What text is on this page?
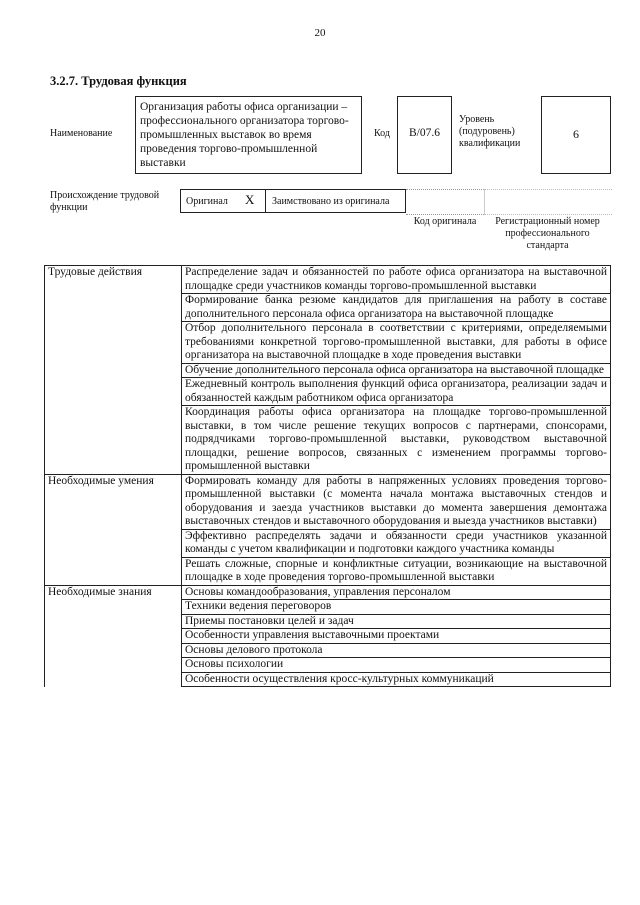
20
3.2.7. Трудовая функция
Наименование
Организация работы офиса организации – профессионального организатора торгово-промышленных выставок во время проведения торгово-промышленной выставки
Код	B/07.6
Уровень (подуровень) квалификации
6
Происхождение трудовой функции
Оригинал X Заимствовано из оригинала
Код оригинала	Регистрационный номер профессионального стандарта
Трудовые действия	Распределение задач и обязанностей по работе офиса организатора на выставочной площадке среди участников команды торгово-промышленной выставки
	Формирование банка резюме кандидатов для приглашения на работу в составе дополнительного персонала офиса организатора на выставочной площадке
	Отбор дополнительного персонала в соответствии с критериями, определяемыми требованиями конкретной торгово-промышленной выставки, для работы в офисе организатора на выставочной площадке в ходе проведения выставки
	Обучение дополнительного персонала офиса организатора на выставочной площадке
	Ежедневный контроль выполнения функций офиса организатора, реализации задач и обязанностей каждым работником офиса организатора
	Координация работы офиса организатора на площадке торгово-промышленной выставки, в том числе решение текущих вопросов с партнерами, спонсорами, подрядчиками торгово-промышленной выставки, руководством выставочной площадки, решение вопросов, связанных с изменением программы торгово-промышленной выставки
Необходимые умения	Формировать команду для работы в напряженных условиях проведения торгово-промышленной выставки (с момента начала монтажа выставочных стендов и оборудования и заезда участников выставки до момента завершения демонтажа выставочных стендов и выставочного оборудования и выезда участников выставки)
	Эффективно распределять задачи и обязанности среди участников указанной команды с учетом квалификации и подготовки каждого участника команды
	Решать сложные, спорные и конфликтные ситуации, возникающие на выставочной площадке в ходе проведения торгово-промышленной выставки
Необходимые знания	Основы командообразования, управления персоналом
	Техники ведения переговоров
	Приемы постановки целей и задач
	Особенности управления выставочными проектами
	Основы делового протокола
	Основы психологии
	Особенности осуществления кросс-культурных коммуникаций
